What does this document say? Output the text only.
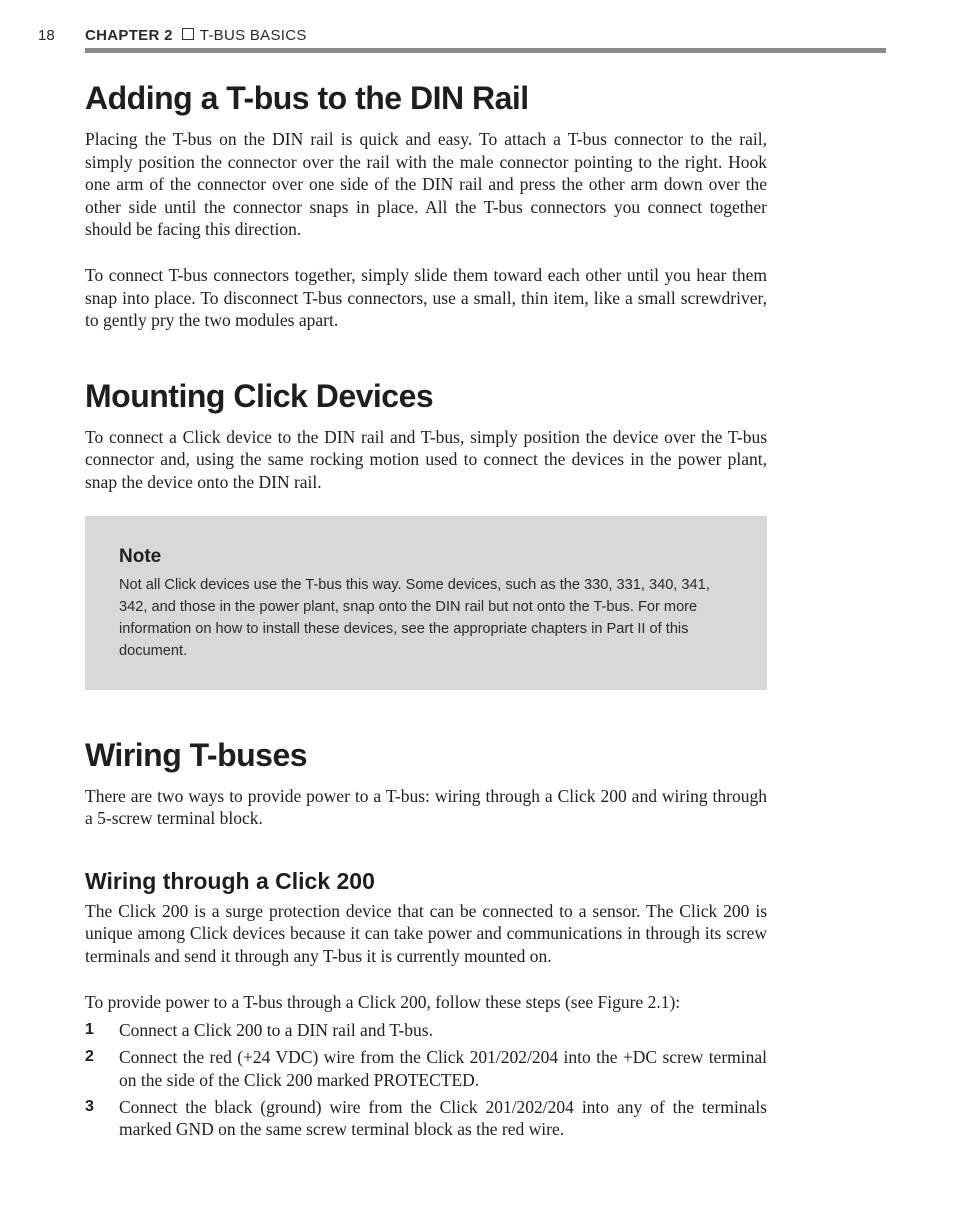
18 CHAPTER 2 T-BUS BASICS
Adding a T-bus to the DIN Rail

Placing the T-bus on the DIN rail is quick and easy. To attach a T-bus connector to the rail, simply position the connector over the rail with the male connector pointing to the right. Hook one arm of the connector over one side of the DIN rail and press the other arm down over the other side until the connector snaps in place. All the T-bus connectors you connect together should be facing this direction.

To connect T-bus connectors together, simply slide them toward each other until you hear them snap into place. To disconnect T-bus connectors, use a small, thin item, like a small screwdriver, to gently pry the two modules apart.

Mounting Click Devices

To connect a Click device to the DIN rail and T-bus, simply position the device over the T-bus connector and, using the same rocking motion used to connect the devices in the power plant, snap the device onto the DIN rail.

Note
Not all Click devices use the T-bus this way. Some devices, such as the 330, 331, 340, 341, 342, and those in the power plant, snap onto the DIN rail but not onto the T-bus. For more information on how to install these devices, see the appropriate chapters in Part II of this document.
Wiring T-buses

There are two ways to provide power to a T-bus: wiring through a Click 200 and wiring through a 5-screw terminal block.

Wiring through a Click 200

The Click 200 is a surge protection device that can be connected to a sensor. The Click 200 is unique among Click devices because it can take power and communications in through its screw terminals and send it through any T-bus it is currently mounted on.

To provide power to a T-bus through a Click 200, follow these steps (see Figure 2.1):

1 Connect a Click 200 to a DIN rail and T-bus.
2 Connect the red (+24 VDC) wire from the Click 201/202/204 into the +DC screw terminal on the side of the Click 200 marked PROTECTED.
3 Connect the black (ground) wire from the Click 201/202/204 into any of the terminals marked GND on the same screw terminal block as the red wire.
